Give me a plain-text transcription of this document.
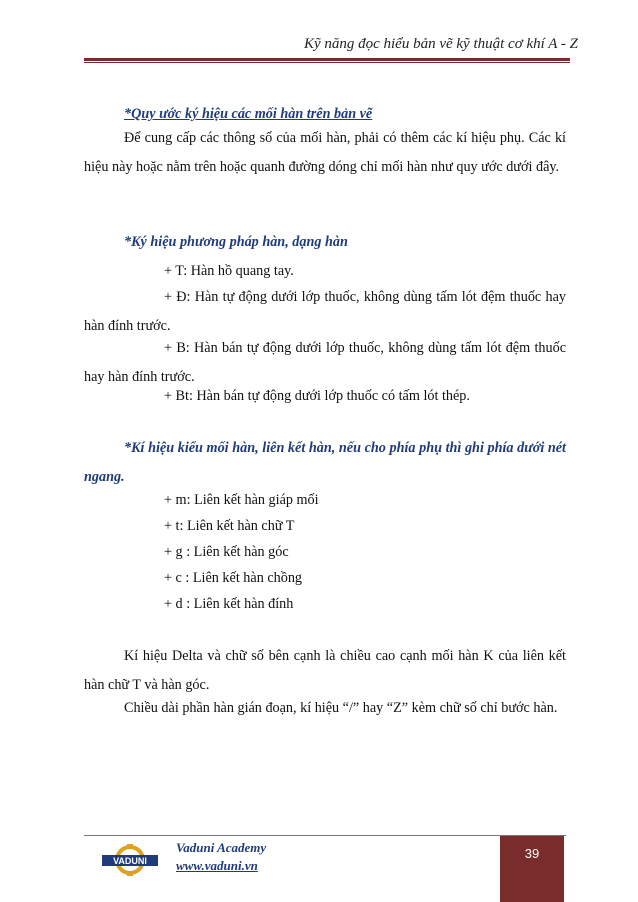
Kỹ năng đọc hiểu bản vẽ kỹ thuật cơ khí A - Z
*Quy ước ký hiệu các mối hàn trên bản vẽ
Để cung cấp các thông số của mối hàn, phải có thêm các kí hiệu phụ. Các kí hiệu này hoặc nằm trên hoặc quanh đường dóng chỉ mối hàn như quy ước dưới đây.
*Ký hiệu phương pháp hàn, dạng hàn
+ T: Hàn hồ quang tay.
+ Đ: Hàn tự động dưới lớp thuốc, không dùng tấm lót đệm thuốc hay hàn đính trước.
+ B: Hàn bán tự động dưới lớp thuốc, không dùng tấm lót đệm thuốc hay hàn đính trước.
+ Bt: Hàn bán tự động dưới lớp thuốc có tấm lót thép.
*Kí hiệu kiểu mối hàn, liên kết hàn, nếu cho phía phụ thì ghi phía dưới nét ngang.
+ m: Liên kết hàn giáp mối
+ t: Liên kết hàn chữ T
+ g : Liên kết hàn góc
+ c : Liên kết hàn chồng
+ d : Liên kết hàn đính
Kí hiệu Delta và chữ số bên cạnh là chiều cao cạnh mối hàn K của liên kết hàn chữ T và hàn góc.
Chiều dài phần hàn gián đoạn, kí hiệu “/” hay “Z” kèm chữ số chỉ bước hàn.
VADUNI
Vaduni Academy
www.vaduni.vn
39
